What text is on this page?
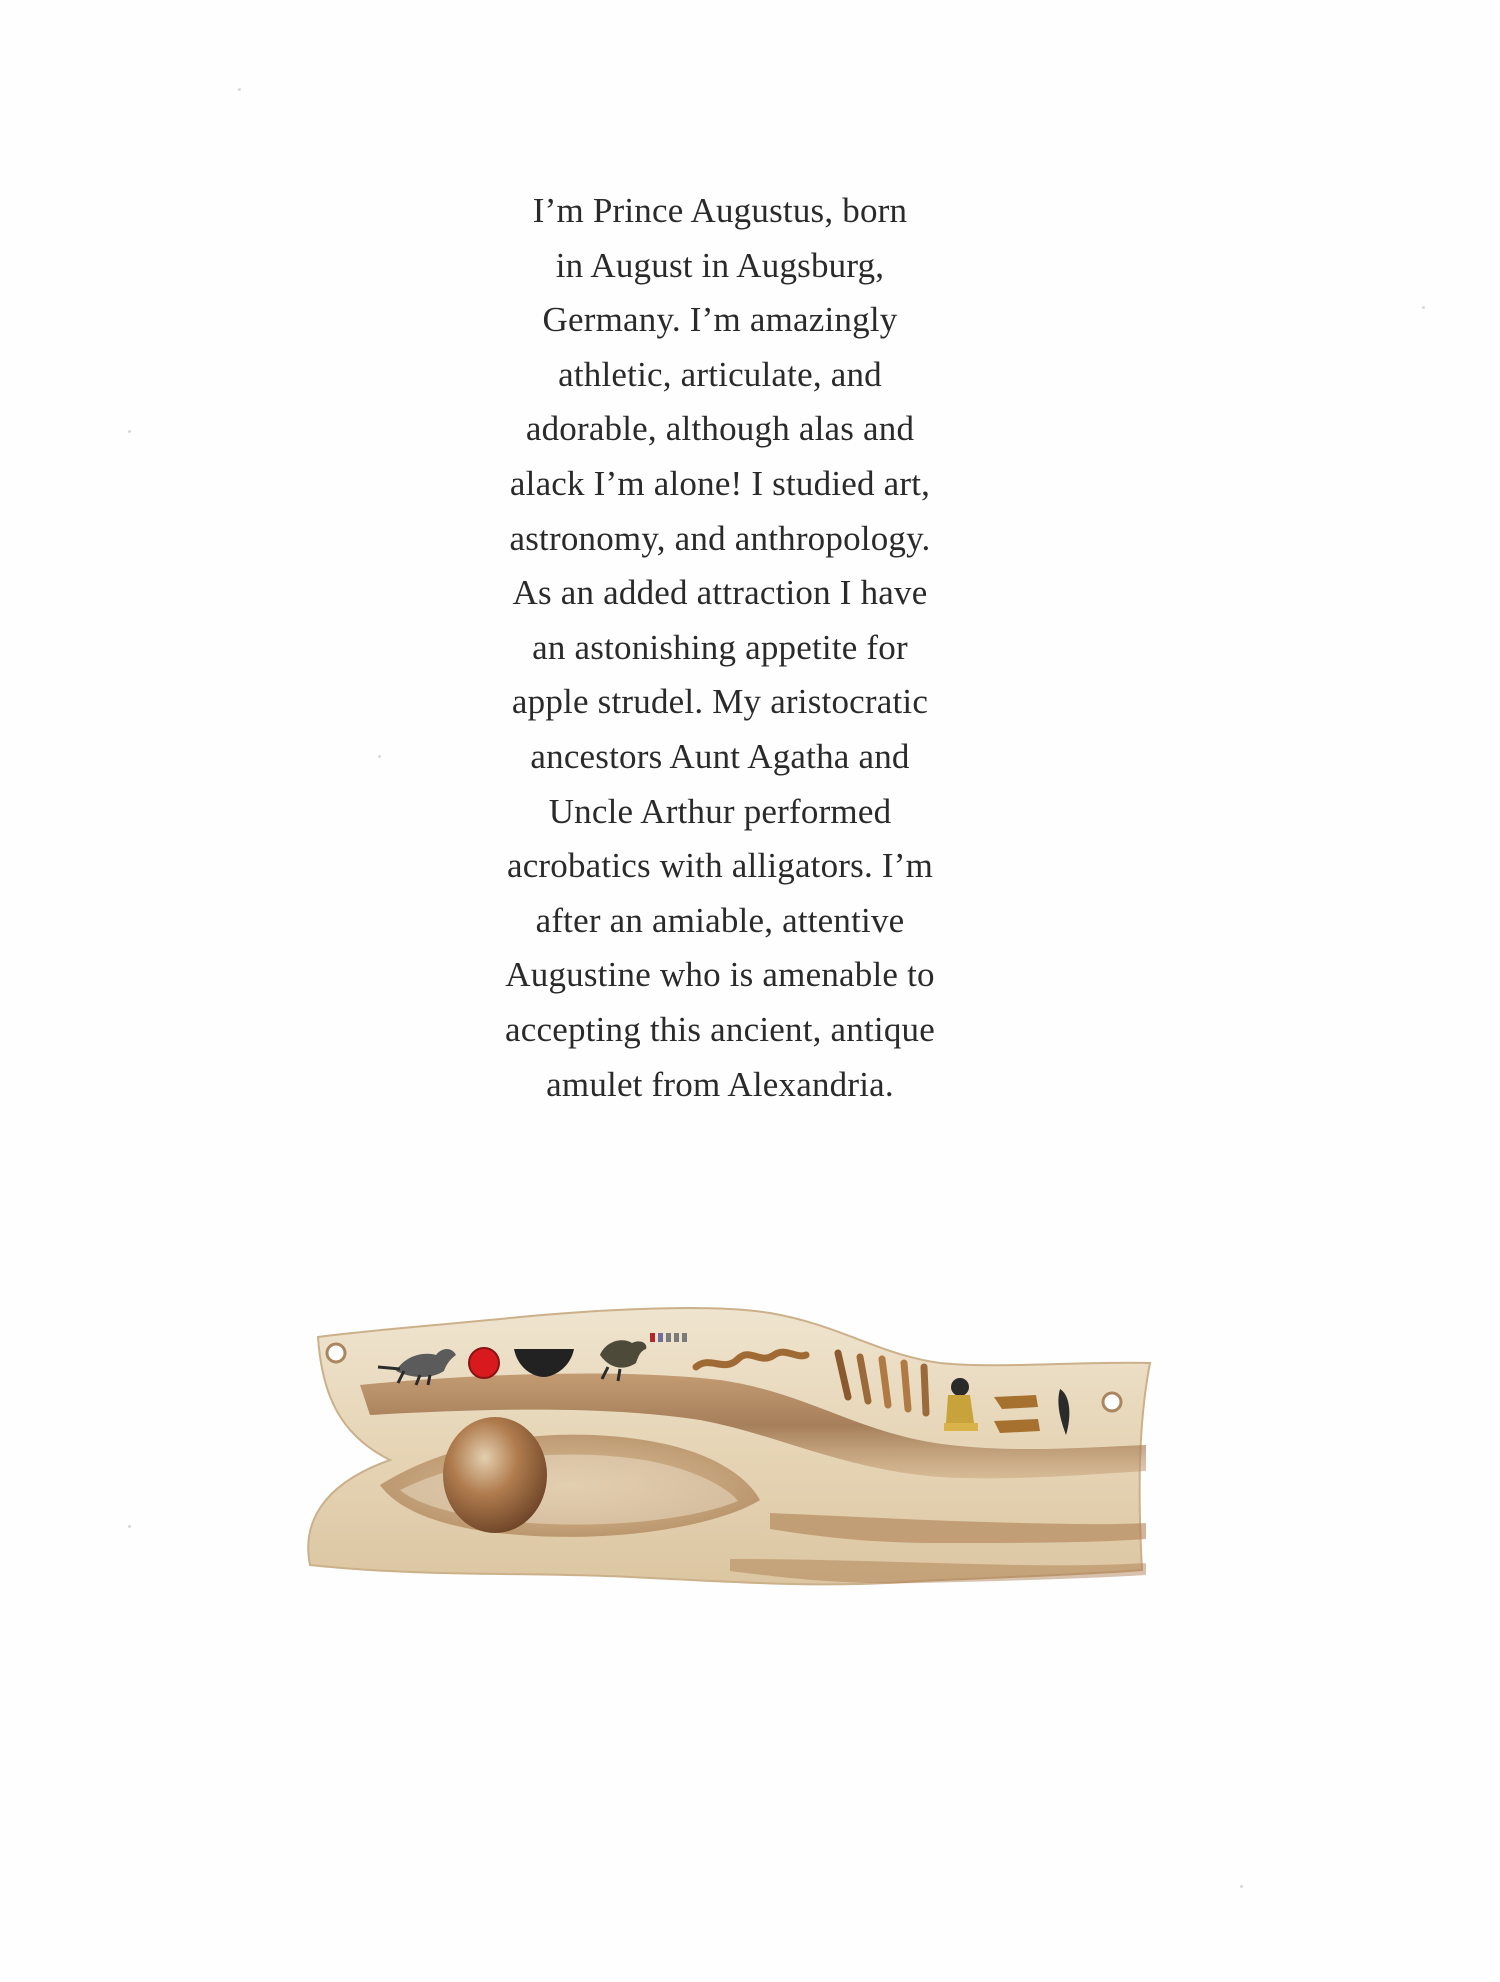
I’m Prince Augustus, born
in August in Augsburg,
Germany. I’m amazingly
athletic, articulate, and
adorable, although alas and
alack I’m alone! I studied art,
astronomy, and anthropology.
As an added attraction I have
an astonishing appetite for
apple strudel. My aristocratic
ancestors Aunt Agatha and
Uncle Arthur performed
acrobatics with alligators. I’m
after an amiable, attentive
Augustine who is amenable to
accepting this ancient, antique
amulet from Alexandria.
